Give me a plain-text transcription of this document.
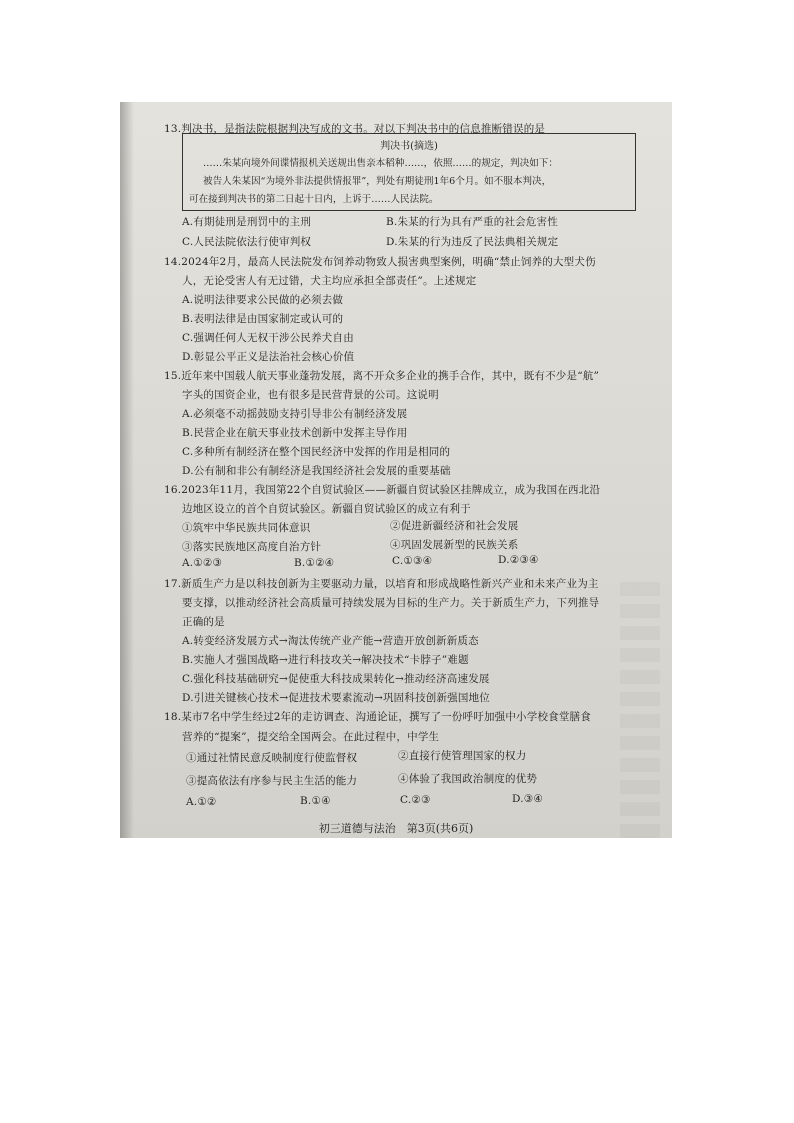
13.判决书，是指法院根据判决写成的文书。对以下判决书中的信息推断错误的是
判决书(摘选)
……朱某向境外间谍情报机关送规出售亲本稻种……，依照……的规定，判决如下：
被告人朱某因“为境外非法提供情报罪”，判处有期徒刑1年6个月。如不服本判决，
可在接到判决书的第二日起十日内，上诉于……人民法院。
A.有期徒刑是刑罚中的主刑	B.朱某的行为具有严重的社会危害性
C.人民法院依法行使审判权	D.朱某的行为违反了民法典相关规定
14.2024年2月，最高人民法院发布饲养动物致人损害典型案例，明确“禁止饲养的大型犬伤
人，无论受害人有无过错，犬主均应承担全部责任”。上述规定
A.说明法律要求公民做的必须去做
B.表明法律是由国家制定或认可的
C.强调任何人无权干涉公民养犬自由
D.彰显公平正义是法治社会核心价值
15.近年来中国载人航天事业蓬勃发展，离不开众多企业的携手合作，其中，既有不少是“航”
字头的国资企业，也有很多是民营背景的公司。这说明
A.必须毫不动摇鼓励支持引导非公有制经济发展
B.民营企业在航天事业技术创新中发挥主导作用
C.多种所有制经济在整个国民经济中发挥的作用是相同的
D.公有制和非公有制经济是我国经济社会发展的重要基础
16.2023年11月，我国第22个自贸试验区——新疆自贸试验区挂牌成立，成为我国在西北沿
边地区设立的首个自贸试验区。新疆自贸试验区的成立有利于
①筑牢中华民族共同体意识	②促进新疆经济和社会发展
③落实民族地区高度自治方针	④巩固发展新型的民族关系
A.①②③	B.①②④	C.①③④	D.②③④
17.新质生产力是以科技创新为主要驱动力量，以培育和形成战略性新兴产业和未来产业为主
要支撑，以推动经济社会高质量可持续发展为目标的生产力。关于新质生产力，下列推导
正确的是
A.转变经济发展方式→淘汰传统产业产能→营造开放创新新质态
B.实施人才强国战略→进行科技攻关→解决技术“卡脖子”难题
C.强化科技基础研究→促使重大科技成果转化→推动经济高速发展
D.引进关键核心技术→促进技术要素流动→巩固科技创新强国地位
18.某市7名中学生经过2年的走访调查、沟通论证，撰写了一份呼吁加强中小学校食堂膳食
营养的“提案”，提交给全国两会。在此过程中，中学生
①通过社情民意反映制度行使监督权	②直接行使管理国家的权力
③提高依法有序参与民主生活的能力	④体验了我国政治制度的优势
A.①②	B.①④	C.②③	D.③④
初三道德与法治　第3页(共6页)
